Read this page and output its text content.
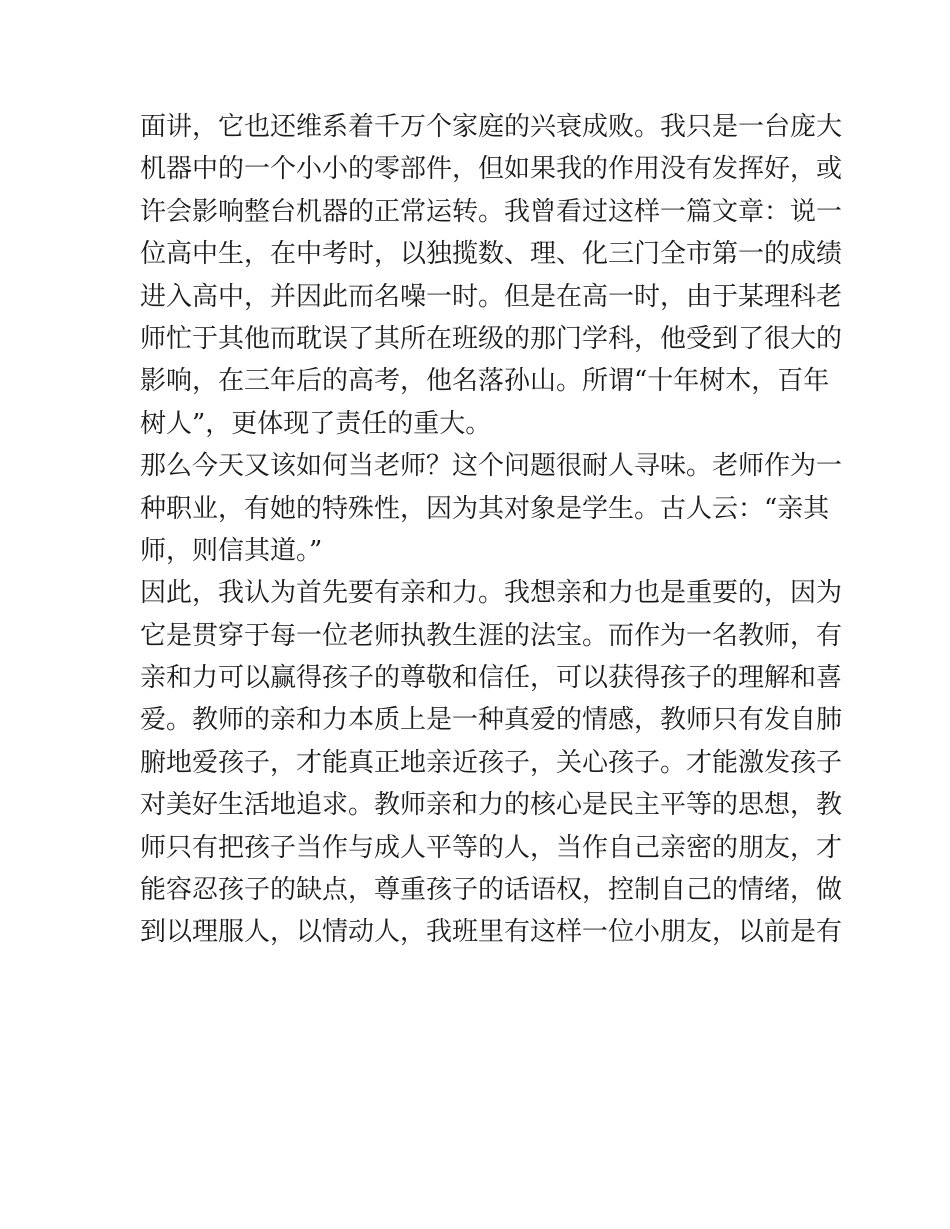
面讲，它也还维系着千万个家庭的兴衰成败。我只是一台庞大
机器中的一个小小的零部件，但如果我的作用没有发挥好，或
许会影响整台机器的正常运转。我曾看过这样一篇文章：说一
位高中生，在中考时，以独揽数、理、化三门全市第一的成绩
进入高中，并因此而名噪一时。但是在高一时，由于某理科老
师忙于其他而耽误了其所在班级的那门学科，他受到了很大的
影响，在三年后的高考，他名落孙山。所谓“十年树木，百年
树人”，更体现了责任的重大。
那么今天又该如何当老师？这个问题很耐人寻味。老师作为一
种职业，有她的特殊性，因为其对象是学生。古人云：“亲其
师，则信其道。”
因此，我认为首先要有亲和力。我想亲和力也是重要的，因为
它是贯穿于每一位老师执教生涯的法宝。而作为一名教师，有
亲和力可以赢得孩子的尊敬和信任，可以获得孩子的理解和喜
爱。教师的亲和力本质上是一种真爱的情感，教师只有发自肺
腑地爱孩子，才能真正地亲近孩子，关心孩子。才能激发孩子
对美好生活地追求。教师亲和力的核心是民主平等的思想，教
师只有把孩子当作与成人平等的人，当作自己亲密的朋友，才
能容忍孩子的缺点，尊重孩子的话语权，控制自己的情绪，做
到以理服人，以情动人，我班里有这样一位小朋友，以前是有
